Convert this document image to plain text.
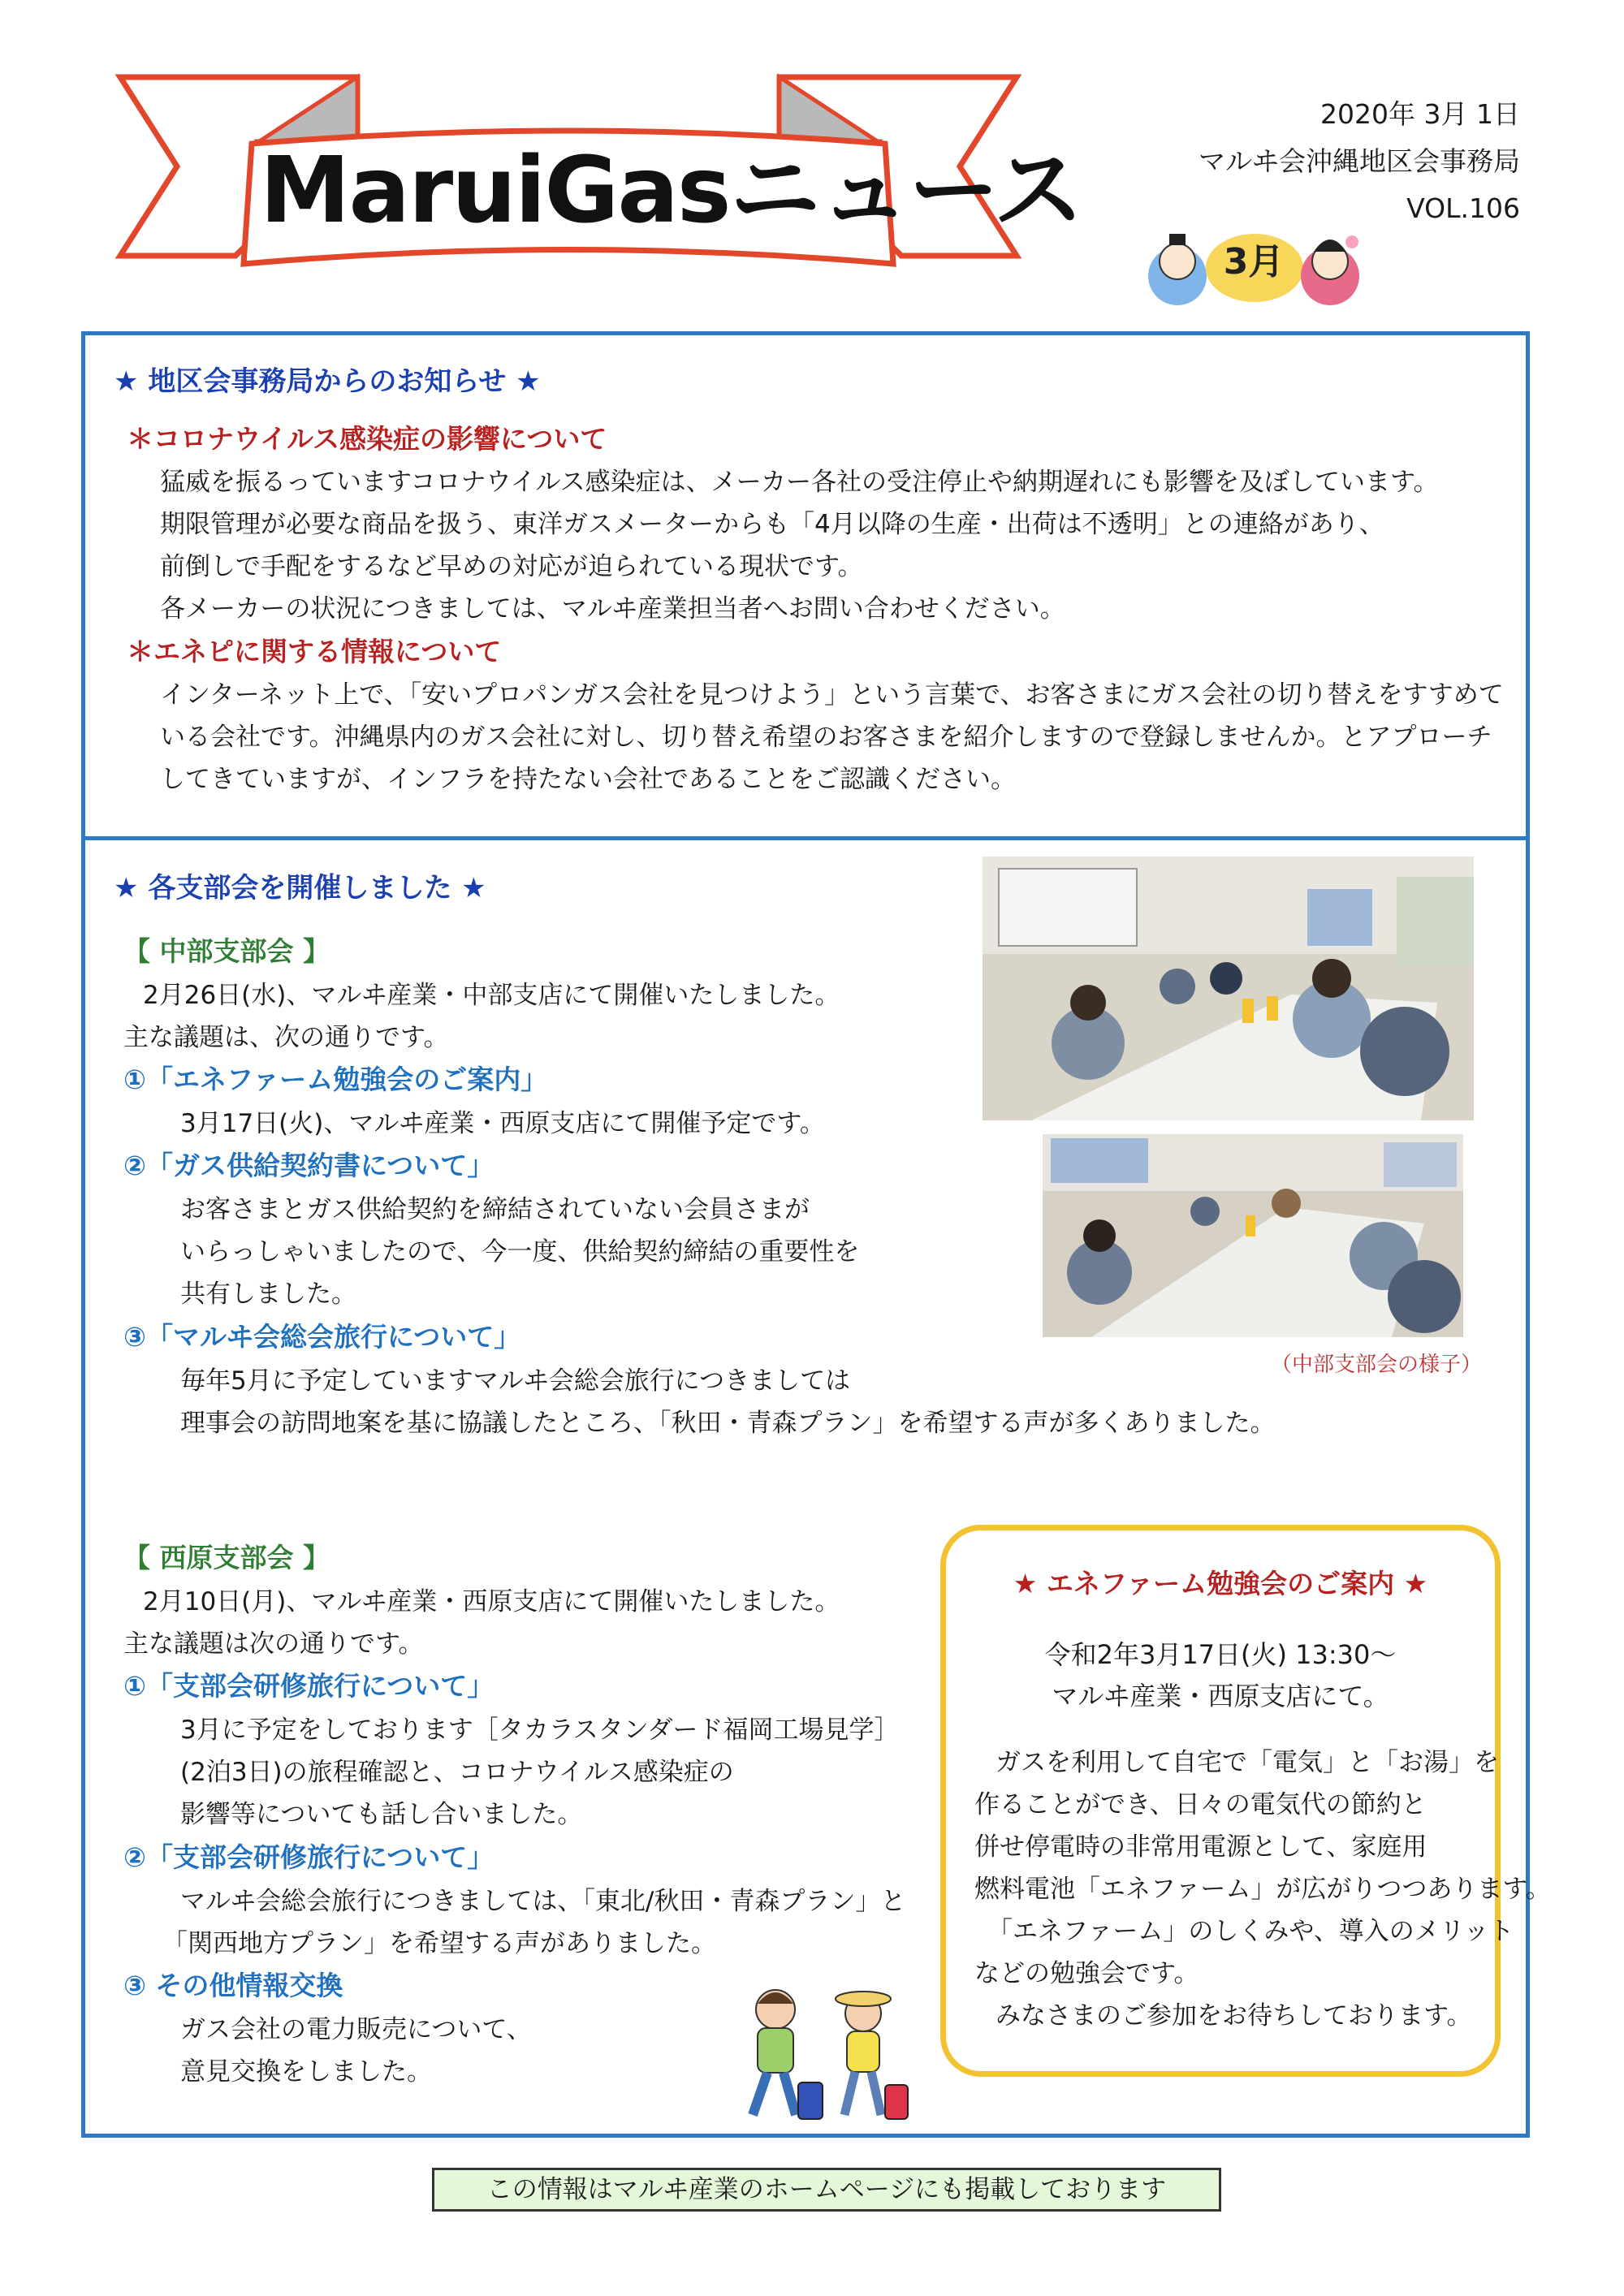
MaruiGasニュース
2020年 3月 1日
マルヰ会沖縄地区会事務局
VOL.106
3月
★ 地区会事務局からのお知らせ ★
＊コロナウイルス感染症の影響について
猛威を振るっていますコロナウイルス感染症は、メーカー各社の受注停止や納期遅れにも影響を及ぼしています。
期限管理が必要な商品を扱う、東洋ガスメーターからも「4月以降の生産・出荷は不透明」との連絡があり、
前倒しで手配をするなど早めの対応が迫られている現状です。
各メーカーの状況につきましては、マルヰ産業担当者へお問い合わせください。
＊エネピに関する情報について
インターネット上で、「安いプロパンガス会社を見つけよう」という言葉で、お客さまにガス会社の切り替えをすすめて
いる会社です。沖縄県内のガス会社に対し、切り替え希望のお客さまを紹介しますので登録しませんか。とアプローチ
してきていますが、インフラを持たない会社であることをご認識ください。
★ 各支部会を開催しました ★
【 中部支部会 】
2月26日(水)、マルヰ産業・中部支店にて開催いたしました。
主な議題は、次の通りです。
①「エネファーム勉強会のご案内」
3月17日(火)、マルヰ産業・西原支店にて開催予定です。
②「ガス供給契約書について」
お客さまとガス供給契約を締結されていない会員さまが
いらっしゃいましたので、今一度、供給契約締結の重要性を
共有しました。
③「マルヰ会総会旅行について」
毎年5月に予定していますマルヰ会総会旅行につきましては
理事会の訪問地案を基に協議したところ、「秋田・青森プラン」を希望する声が多くありました。
（中部支部会の様子）
【 西原支部会 】
2月10日(月)、マルヰ産業・西原支店にて開催いたしました。
主な議題は次の通りです。
①「支部会研修旅行について」
3月に予定をしております［タカラスタンダード福岡工場見学］
(2泊3日)の旅程確認と、コロナウイルス感染症の
影響等についても話し合いました。
②「支部会研修旅行について」
マルヰ会総会旅行につきましては、「東北/秋田・青森プラン」と
「関西地方プラン」を希望する声がありました。
③ その他情報交換
ガス会社の電力販売について、
意見交換をしました。
★ エネファーム勉強会のご案内 ★
令和2年3月17日(火) 13:30～
マルヰ産業・西原支店にて。
ガスを利用して自宅で「電気」と「お湯」を
作ることができ、日々の電気代の節約と
併せ停電時の非常用電源として、家庭用
燃料電池「エネファーム」が広がりつつあります。
「エネファーム」のしくみや、導入のメリット
などの勉強会です。
みなさまのご参加をお待ちしております。
この情報はマルヰ産業のホームページにも掲載しております
